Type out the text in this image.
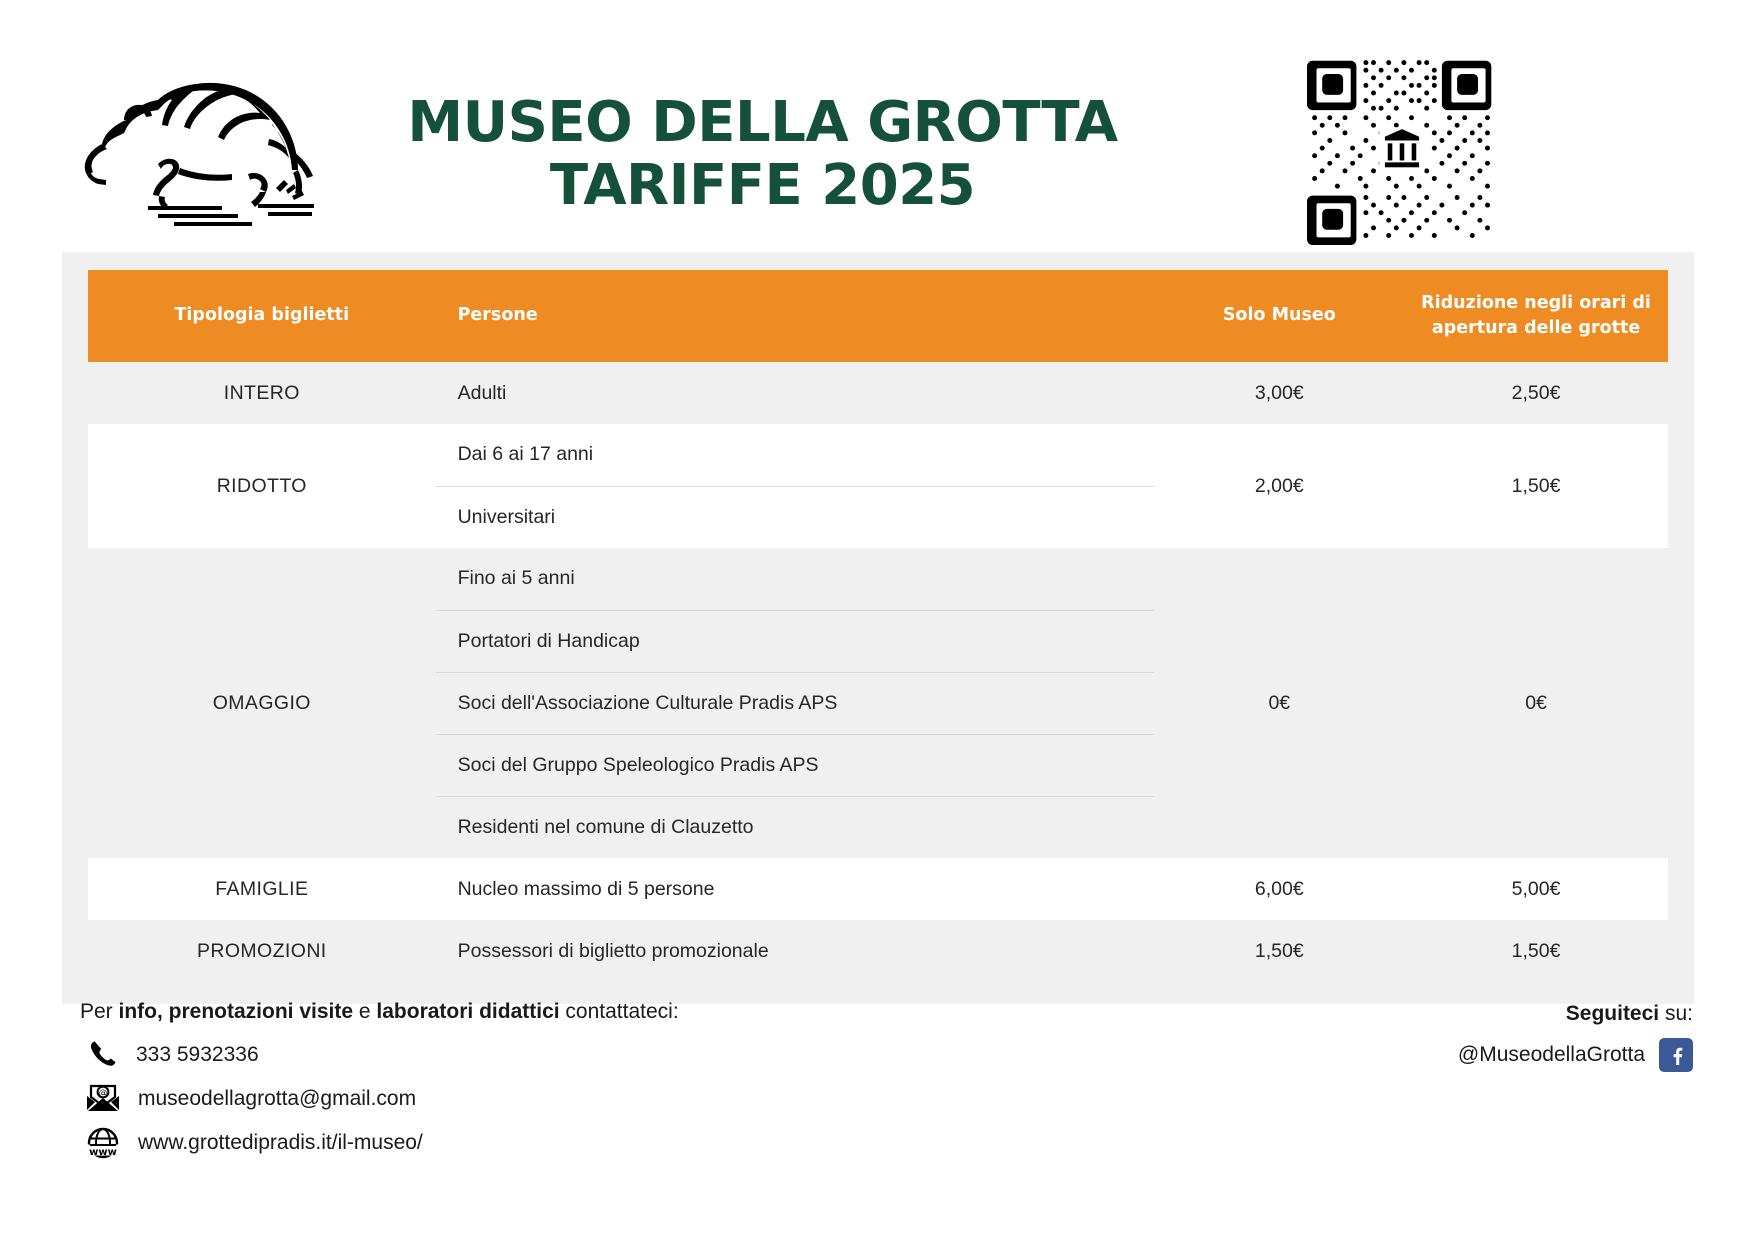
MUSEO DELLA GROTTA
TARIFFE 2025
Tipologia biglietti	Persone	Solo Museo	Riduzione negli orari di
apertura delle grotte

INTERO	Adulti	3,00€	2,50€
RIDOTTO	Dai 6 ai 17 anni	2,00€	1,50€
	Universitari		
OMAGGIO	Fino ai 5 anni	0€	0€
	Portatori di Handicap		
	Soci dell'Associazione Culturale Pradis APS		
	Soci del Gruppo Speleologico Pradis APS		
	Residenti nel comune di Clauzetto		
FAMIGLIE	Nucleo massimo di 5 persone	6,00€	5,00€
PROMOZIONI	Possessori di biglietto promozionale	1,50€	1,50€
Per info, prenotazioni visite e laboratori didattici contattateci:
333 5932336
@ museodellagrotta@gmail.com
www www.grottedipradis.it/il-museo/
Seguiteci su:
@MuseodellaGrotta
